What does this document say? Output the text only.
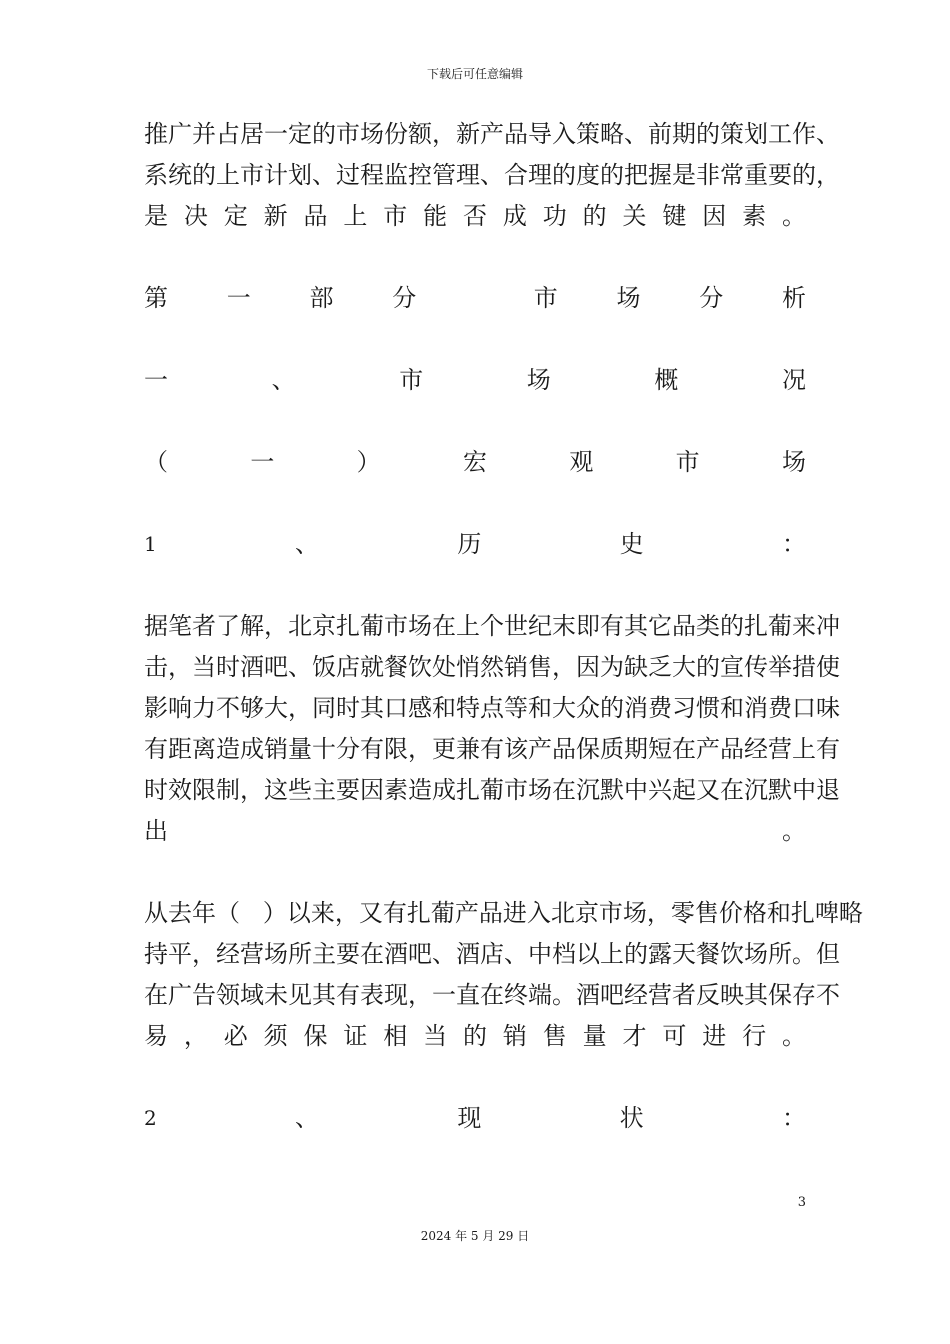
下载后可任意编辑
推 广 并 占 居 一 定 的 市 场 份 额 ， 新 产 品 导 入 策 略 、 前 期 的 策 划 工 作 、
系 统 的 上 市 计 划 、 过 程 监 控 管 理 、 合 理 的 度 的 把 握 是 非 常 重 要 的 ，
是 决 定 新 品 上 市 能 否 成 功 的 关 键 因 素 。
第 一 部 分	市 场 分 析
一	、	市	场	概	况
（	一	）	宏	观	市	场
1	、	历	史	：
据 笔 者 了 解 ， 北 京 扎 葡 市 场 在 上 个 世 纪 末 即 有 其 它 品 类 的 扎 葡 来 冲
击 ， 当 时 酒 吧 、 饭 店 就 餐 饮 处 悄 然 销 售 ， 因 为 缺 乏 大 的 宣 传 举 措 使
影 响 力 不 够 大 ， 同 时 其 口 感 和 特 点 等 和 大 众 的 消 费 习 惯 和 消 费 口 味
有 距 离 造 成 销 量 十 分 有 限 ， 更 兼 有 该 产 品 保 质 期 短 在 产 品 经 营 上 有
时 效 限 制 ， 这 些 主 要 因 素 造 成 扎 葡 市 场 在 沉 默 中 兴 起 又 在 沉 默 中 退
出	。
从 去 年 （

） 以 来 ， 又 有 扎 葡 产 品 进 入 北 京 市 场 ， 零 售 价 格 和 扎 啤 略
持 平 ， 经 营 场 所 主 要 在 酒 吧 、 酒 店 、 中 档 以 上 的 露 天 餐 饮 场 所 。 但
在 广 告 领 域 未 见 其 有 表 现 ， 一 直 在 终 端 。 酒 吧 经 营 者 反 映 其 保 存 不
易 ， 必 须 保 证 相 当 的 销 售 量 才 可 进 行 。
2	、	现	状	：
3
2024 年 5 月 29 日
